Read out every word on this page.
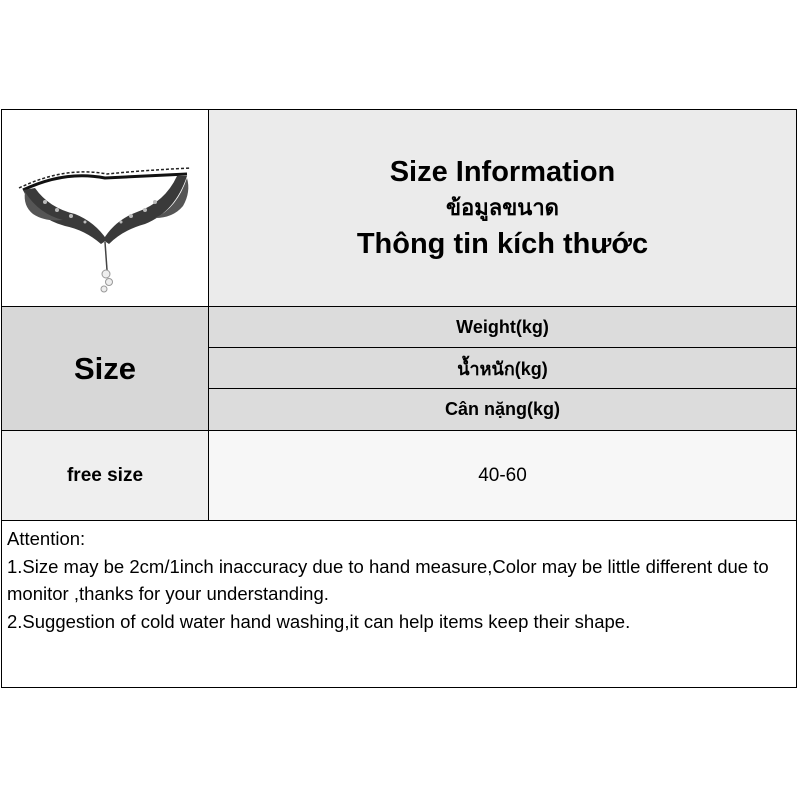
Size Information
ข้อมูลขนาด
Thông tin kích thước
Size
Weight(kg)
น้ำหนัก(kg)
Cân nặng(kg)
free size	40-60
Attention:
1.Size may be 2cm/1inch inaccuracy due to hand measure,Color may be little different due to monitor ,thanks for your understanding.
2.Suggestion of cold water hand washing,it can help items keep their shape.
